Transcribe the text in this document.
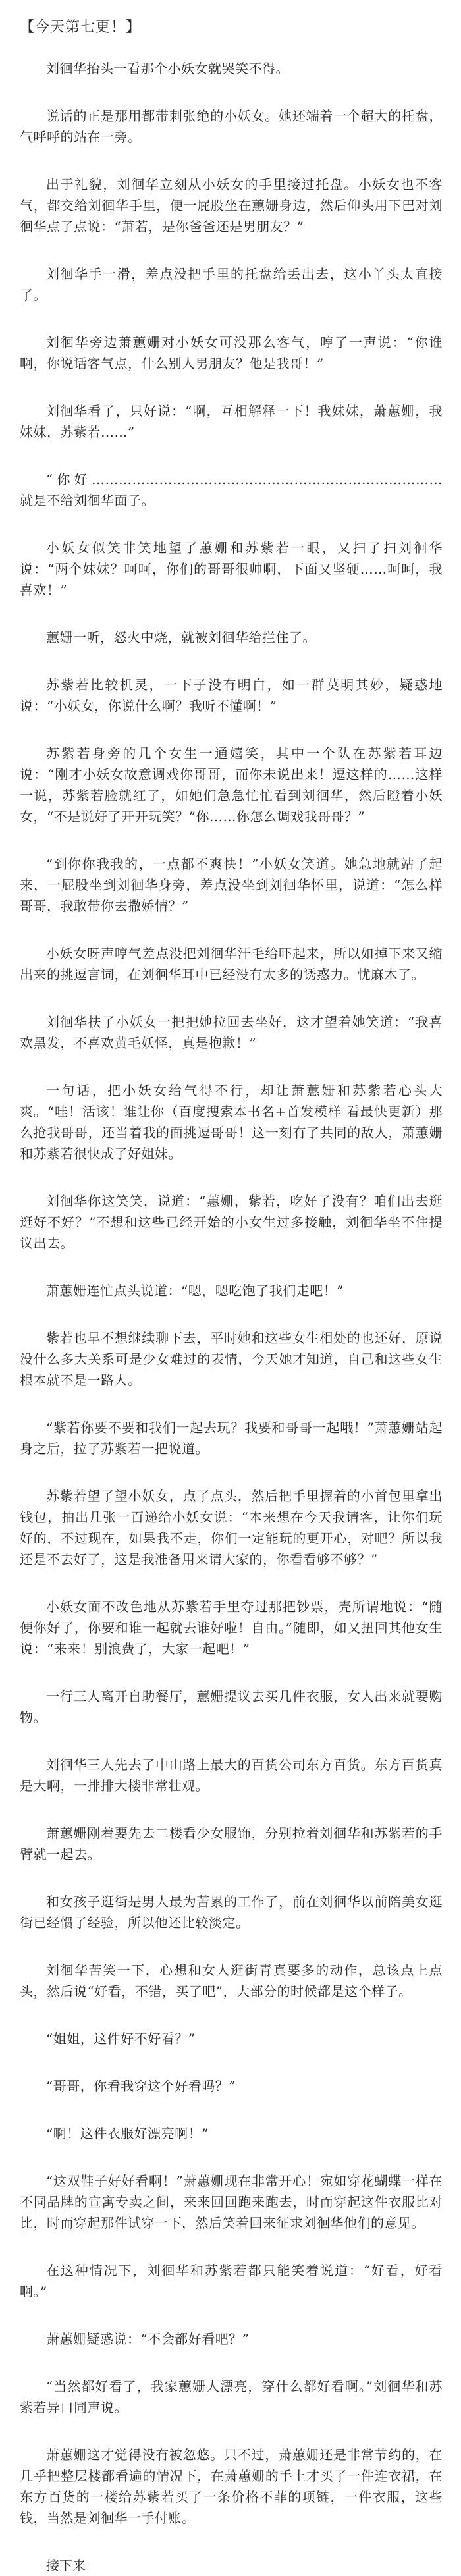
【今天第七更！】

刘徊华抬头一看那个小妖女就哭笑不得。

说话的正是那用都带刺张绝的小妖女。她还端着一个超大的托盘，气呼呼的站在一旁。

出于礼貌，刘徊华立刻从小妖女的手里接过托盘。小妖女也不客气，都交给刘徊华手里，便一屁股坐在蕙姗身边，然后仰头用下巴对刘徊华点了点说：“萧若，是你爸爸还是男朋友？”

刘徊华手一滑，差点没把手里的托盘给丢出去，这小丫头太直接了。

刘徊华旁边萧蕙姗对小妖女可没那么客气，哼了一声说：“你谁啊，你说话客气点，什么别人男朋友？他是我哥！”

刘徊华看了，只好说：“啊，互相解释一下！我妹妹，萧蕙姗，我妹妹，苏紫若……”

“你好……………………………………………………………………就是不给刘徊华面子。

小妖女似笑非笑地望了蕙姗和苏紫若一眼，又扫了扫刘徊华说：“两个妹妹？呵呵，你们的哥哥很帅啊，下面又坚硬……呵呵，我喜欢！”

蕙姗一听，怒火中烧，就被刘徊华给拦住了。

苏紫若比较机灵，一下子没有明白，如一群莫明其妙，疑惑地说：“小妖女，你说什么啊？我听不懂啊！”

苏紫若身旁的几个女生一通嬉笑，其中一个队在苏紫若耳边说：“刚才小妖女故意调戏你哥哥，而你未说出来！逗这样的……这样一说，苏紫若脸就红了，如她们急急忙忙看到刘徊华，然后瞪着小妖女，“不是说好了开开玩笑？”你……你怎么调戏我哥哥？”

“到你你我我的，一点都不爽快！”小妖女笑道。她急地就站了起来，一屁股坐到刘徊华身旁，差点没坐到刘徊华怀里，说道：“怎么样哥哥，我敢带你去撒娇情？”

小妖女呀声哼气差点没把刘徊华汗毛给吓起来，所以如掉下来又缩出来的挑逗言词，在刘徊华耳中已经没有太多的诱惑力。忧麻木了。

刘徊华扶了小妖女一把把她拉回去坐好，这才望着她笑道：“我喜欢黑发，不喜欢黄毛妖怪，真是抱歉！”

一句话，把小妖女给气得不行，却让萧蕙姗和苏紫若心头大爽。“哇！活该！谁让你（百度搜索本书名+首发模样 看最快更新）那么抢我哥哥，还当着我的面挑逗哥哥！这一刻有了共同的敌人，萧蕙姗和苏紫若很快成了好姐妹。

刘徊华你这笑笑，说道：“蕙姗，紫若，吃好了没有？咱们出去逛逛好不好？”不想和这些已经开始的小女生过多接触，刘徊华坐不住提议出去。

萧蕙姗连忙点头说道：“嗯，嗯吃饱了我们走吧！”

紫若也早不想继续聊下去，平时她和这些女生相处的也还好，原说没什么多大关系可是少女难过的表情，今天她才知道，自己和这些女生根本就不是一路人。

“紫若你要不要和我们一起去玩？我要和哥哥一起哦！”萧蕙姗站起身之后，拉了苏紫若一把说道。

苏紫若望了望小妖女，点了点头，然后把手里握着的小首包里拿出钱包，抽出几张一百递给小妖女说：“本来想在今天我请客，让你们玩好的，不过现在，如果我不走，你们一定能玩的更开心，对吧？所以我还是不去好了，这是我准备用来请大家的，你看看够不够？”

小妖女面不改色地从苏紫若手里夺过那把钞票，壳所谓地说：“随便你好了，你要和谁一起就去谁好啦！自由。”随即，如又扭回其他女生说：“来来！别浪费了，大家一起吧！”

一行三人离开自助餐厅，蕙姗提议去买几件衣服，女人出来就要购物。

刘徊华三人先去了中山路上最大的百货公司东方百货。东方百货真是大啊，一排排大楼非常壮观。

萧蕙姗刚着要先去二楼看少女服饰，分别拉着刘徊华和苏紫若的手臂就一起去。

和女孩子逛街是男人最为苦累的工作了，前在刘徊华以前陪美女逛街已经惯了经验，所以他还比较淡定。

刘徊华苦笑一下，心想和女人逛街青真要多的动作，总该点上点头，然后说“好看，不错，买了吧”，大部分的时候都是这个样子。

“姐姐，这件好不好看？”

“哥哥，你看我穿这个好看吗？”

“啊！这件衣服好漂亮啊！”

“这双鞋子好好看啊！”萧蕙姗现在非常开心！宛如穿花蝴蝶一样在不同品牌的宣寓专卖之间，来来回回跑来跑去，时而穿起这件衣服比对比，时而穿起那件试穿一下，然后笑着回来征求刘徊华他们的意见。

在这种情况下，刘徊华和苏紫若都只能笑着说道：“好看，好看啊。”

萧蕙姗疑惑说：“不会都好看吧？”

“当然都好看了，我家蕙姗人漂亮，穿什么都好看啊。”刘徊华和苏紫若异口同声说。

萧蕙姗这才觉得没有被忽悠。只不过，萧蕙姗还是非常节约的，在几乎把整层楼都看遍的情况下，在萧蕙姗的手上才买了一件连衣裙，在东方百货的一楼给苏紫若买了一条价格不菲的项链，一件衣服，这些钱，当然是刘徊华一手付账。

接下来
